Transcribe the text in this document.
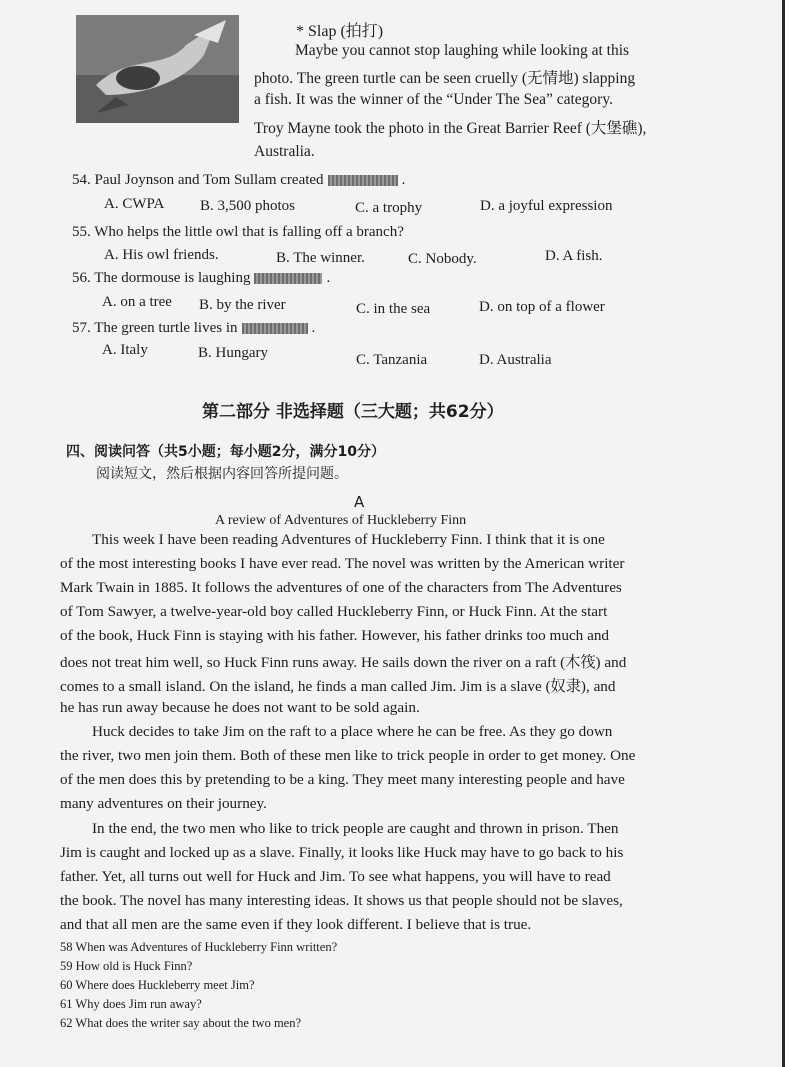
* Slap (拍打)
Maybe you cannot stop laughing while looking at this
photo. The green turtle can be seen cruelly (无情地) slapping
a fish. It was the winner of the “Under The Sea” category.
Troy Mayne took the photo in the Great Barrier Reef (大堡礁),
Australia.
54. Paul Joynson and Tom Sullam created	.
A. CWPA B. 3,500 photos	C. a trophy	D. a joyful expression
55. Who helps the little owl that is falling off a branch?
A. His owl friends.	B. The winner.	C. Nobody.	D. A fish.
56. The dormouse is laughing	.
A. on a tree B. by the river	C. in the sea	D. on top of a flower
57. The green turtle lives in	.
A. Italy	B. Hungary	C. Tanzania	D. Australia
第二部分 非选择题（三大题；共62分）
四、阅读问答（共5小题；每小题2分，满分10分）
阅读短文，然后根据内容回答所提问题。
A
A review of Adventures of Huckleberry Finn
This week I have been reading Adventures of Huckleberry Finn. I think that it is one
of the most interesting books I have ever read. The novel was written by the American writer
Mark Twain in 1885. It follows the adventures of one of the characters from The Adventures
of Tom Sawyer, a twelve-year-old boy called Huckleberry Finn, or Huck Finn. At the start
of the book, Huck Finn is staying with his father. However, his father drinks too much and
does not treat him well, so Huck Finn runs away. He sails down the river on a raft (木筏) and
comes to a small island. On the island, he finds a man called Jim. Jim is a slave (奴隶), and
he has run away because he does not want to be sold again.
Huck decides to take Jim on the raft to a place where he can be free. As they go down
the river, two men join them. Both of these men like to trick people in order to get money. One
of the men does this by pretending to be a king. They meet many interesting people and have
many adventures on their journey.
In the end, the two men who like to trick people are caught and thrown in prison. Then
Jim is caught and locked up as a slave. Finally, it looks like Huck may have to go back to his
father. Yet, all turns out well for Huck and Jim. To see what happens, you will have to read
the book. The novel has many interesting ideas. It shows us that people should not be slaves,
and that all men are the same even if they look different. I believe that is true.
58 When was Adventures of Huckleberry Finn written?
59 How old is Huck Finn?
60 Where does Huckleberry meet Jim?
61 Why does Jim run away?
62 What does the writer say about the two men?
